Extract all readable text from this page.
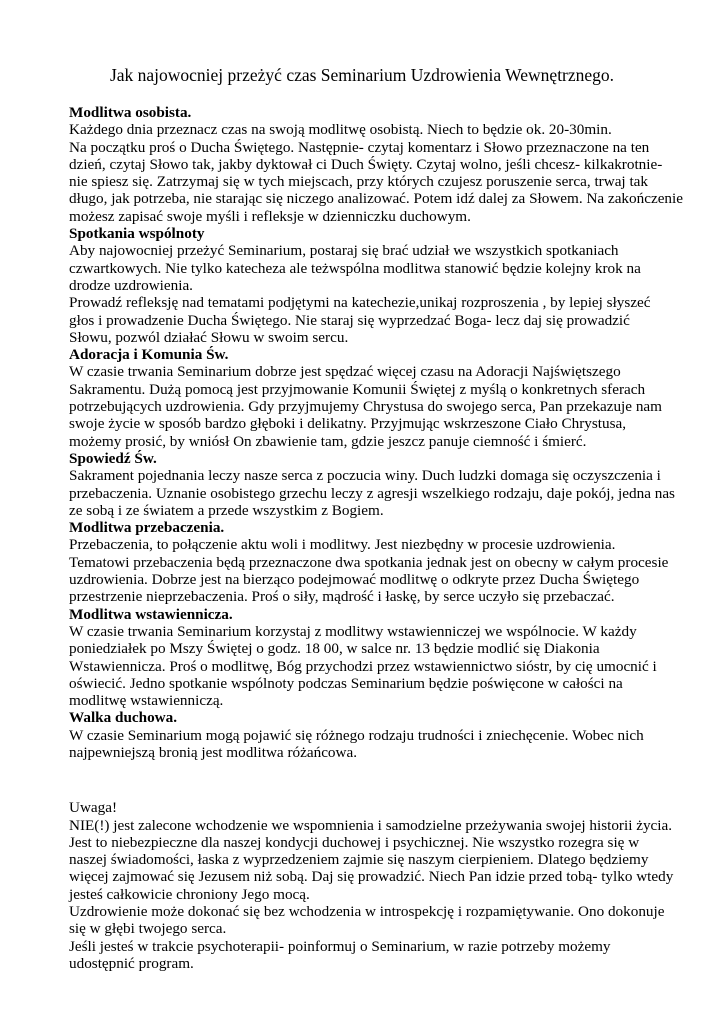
Jak najowocniej przeżyć czas Seminarium Uzdrowienia Wewnętrznego.
Modlitwa osobista.

Każdego dnia przeznacz czas na swoją modlitwę osobistą. Niech to będzie ok. 20-30min.

Na początku proś o Ducha Świętego. Następnie- czytaj komentarz i Słowo przeznaczone na ten
dzień, czytaj Słowo tak, jakby dyktował ci Duch Święty. Czytaj wolno, jeśli chcesz- kilkakrotnie-
nie spiesz się. Zatrzymaj się w tych miejscach, przy których czujesz poruszenie serca, trwaj tak
długo, jak potrzeba, nie starając się niczego analizować. Potem idź dalej za Słowem. Na zakończenie
możesz zapisać swoje myśli i refleksje w dzienniczku duchowym.

Spotkania wspólnoty

Aby najowocniej przeżyć Seminarium, postaraj się brać udział we wszystkich spotkaniach
czwartkowych. Nie tylko katecheza ale teżwspólna modlitwa stanowić będzie kolejny krok na
drodze uzdrowienia.

Prowadź refleksję nad tematami podjętymi na katechezie,unikaj rozproszenia , by lepiej słyszeć
głos i prowadzenie Ducha Świętego. Nie staraj się wyprzedzać Boga- lecz daj się prowadzić
Słowu, pozwól działać Słowu w swoim sercu.

Adoracja i Komunia Św.

W czasie trwania Seminarium dobrze jest spędzać więcej czasu na Adoracji Najświętszego
Sakramentu. Dużą pomocą jest przyjmowanie Komunii Świętej z myślą o konkretnych sferach
potrzebujących uzdrowienia. Gdy przyjmujemy Chrystusa do swojego serca, Pan przekazuje nam
swoje życie w sposób bardzo głęboki i delikatny. Przyjmując wskrzeszone Ciało Chrystusa,
możemy prosić, by wniósł On zbawienie tam, gdzie jeszcz panuje ciemność i śmierć.

Spowiedź Św.

Sakrament pojednania leczy nasze serca z poczucia winy. Duch ludzki domaga się oczyszczenia i
przebaczenia. Uznanie osobistego grzechu leczy z agresji wszelkiego rodzaju, daje pokój, jedna nas
ze sobą i ze światem a przede wszystkim z Bogiem.

Modlitwa przebaczenia.

Przebaczenia, to połączenie aktu woli i modlitwy. Jest niezbędny w procesie uzdrowienia.
Tematowi przebaczenia będą przeznaczone dwa spotkania jednak jest on obecny w całym procesie
uzdrowienia. Dobrze jest na bierząco podejmować modlitwę o odkryte przez Ducha Świętego
przestrzenie nieprzebaczenia. Proś o siły, mądrość i łaskę, by serce uczyło się przebaczać.

Modlitwa wstawiennicza.

W czasie trwania Seminarium korzystaj z modlitwy wstawienniczej we wspólnocie. W każdy
poniedziałek po Mszy Świętej o godz. 18 00, w salce nr. 13 będzie modlić się Diakonia
Wstawiennicza. Proś o modlitwę, Bóg przychodzi przez wstawiennictwo sióstr, by cię umocnić i
oświecić. Jedno spotkanie wspólnoty podczas Seminarium będzie poświęcone w całości na
modlitwę wstawienniczą.

Walka duchowa.

W czasie Seminarium mogą pojawić się różnego rodzaju trudności i zniechęcenie. Wobec nich
najpewniejszą bronią jest modlitwa różańcowa.

Uwaga!

NIE(!) jest zalecone wchodzenie we wspomnienia i samodzielne przeżywania swojej historii życia.
Jest to niebezpieczne dla naszej kondycji duchowej i psychicznej. Nie wszystko rozegra się w
naszej świadomości, łaska z wyprzedzeniem zajmie się naszym cierpieniem. Dlatego będziemy
więcej zajmować się Jezusem niż sobą. Daj się prowadzić. Niech Pan idzie przed tobą- tylko wtedy
jesteś całkowicie chroniony Jego mocą.

Uzdrowienie może dokonać się bez wchodzenia w introspekcję i rozpamiętywanie. Ono dokonuje
się w głębi twojego serca.

Jeśli jesteś w trakcie psychoterapii- poinformuj o Seminarium, w razie potrzeby możemy
udostępnić program.
